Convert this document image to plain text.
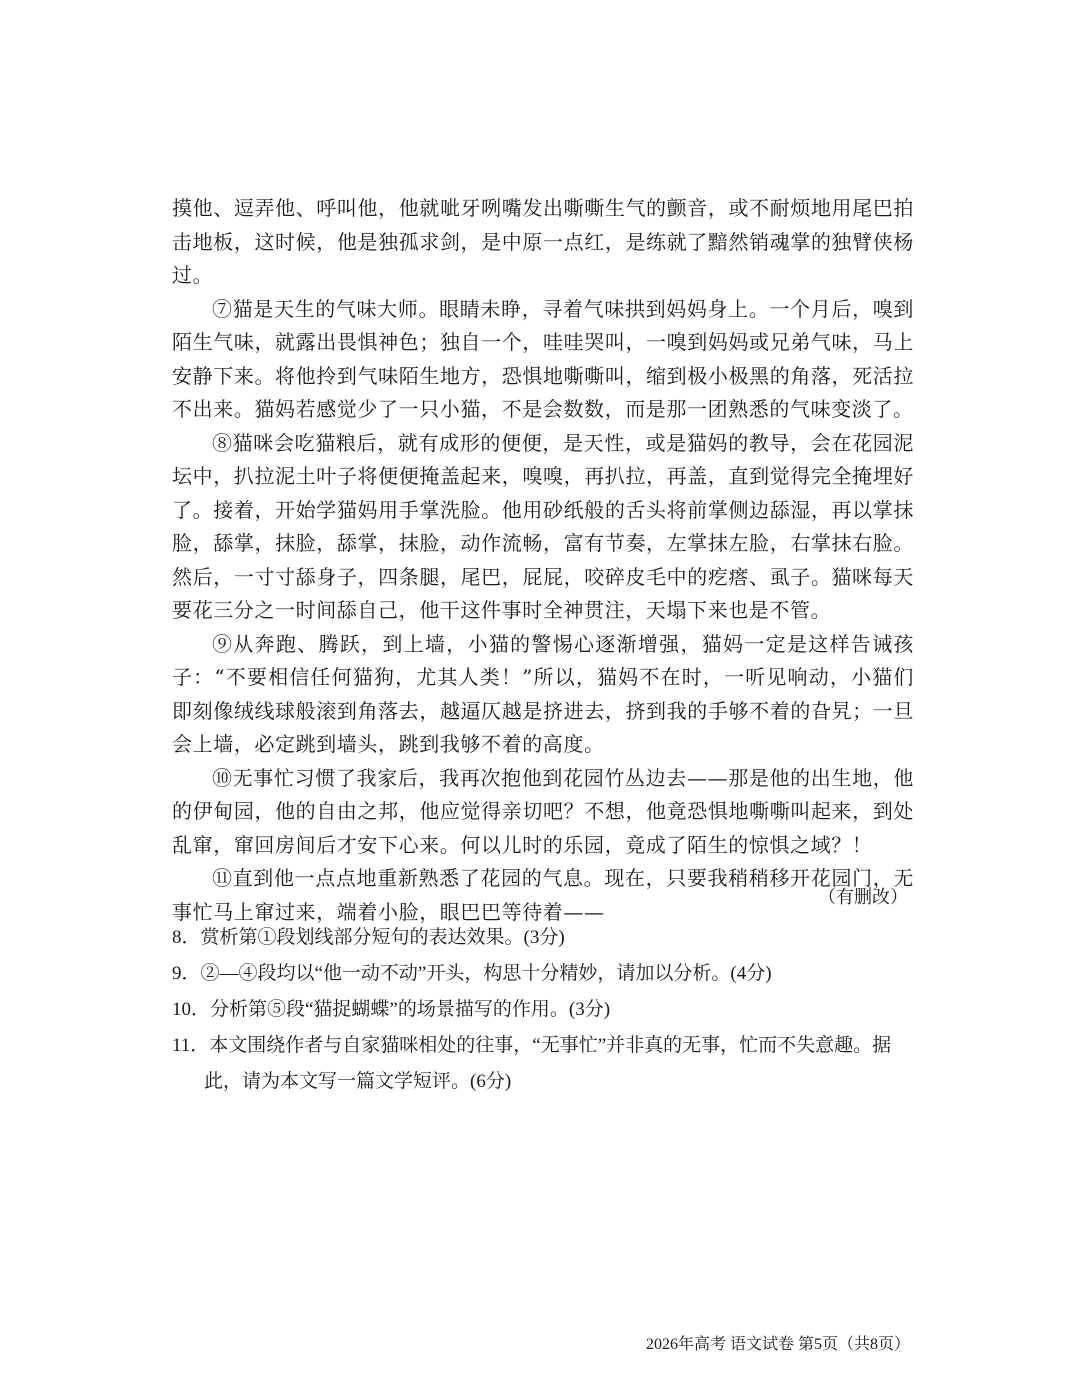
摸他、逗弄他、呼叫他，他就呲牙咧嘴发出嘶嘶生气的颤音，或不耐烦地用尾巴拍击地板，这时候，他是独孤求剑，是中原一点红，是练就了黯然销魂掌的独臂侠杨过。

⑦猫是天生的气味大师。眼睛未睁，寻着气味拱到妈妈身上。一个月后，嗅到陌生气味，就露出畏惧神色；独自一个，哇哇哭叫，一嗅到妈妈或兄弟气味，马上安静下来。将他拎到气味陌生地方，恐惧地嘶嘶叫，缩到极小极黑的角落，死活拉不出来。猫妈若感觉少了一只小猫，不是会数数，而是那一团熟悉的气味变淡了。

⑧猫咪会吃猫粮后，就有成形的便便，是天性，或是猫妈的教导，会在花园泥坛中，扒拉泥土叶子将便便掩盖起来，嗅嗅，再扒拉，再盖，直到觉得完全掩埋好了。接着，开始学猫妈用手掌洗脸。他用砂纸般的舌头将前掌侧边舔湿，再以掌抹脸，舔掌，抹脸，舔掌，抹脸，动作流畅，富有节奏，左掌抹左脸，右掌抹右脸。然后，一寸寸舔身子，四条腿，尾巴，屁屁，咬碎皮毛中的疙瘩、虱子。猫咪每天要花三分之一时间舔自己，他干这件事时全神贯注，天塌下来也是不管。

⑨从奔跑、腾跃，到上墙，小猫的警惕心逐渐增强，猫妈一定是这样告诫孩子：“不要相信任何猫狗，尤其人类！”所以，猫妈不在时，一听见响动，小猫们即刻像绒线球般滚到角落去，越逼仄越是挤进去，挤到我的手够不着的旮旯；一旦会上墙，必定跳到墙头，跳到我够不着的高度。

⑩无事忙习惯了我家后，我再次抱他到花园竹丛边去——那是他的出生地，他的伊甸园，他的自由之邦，他应觉得亲切吧？不想，他竟恐惧地嘶嘶叫起来，到处乱窜，窜回房间后才安下心来。何以儿时的乐园，竟成了陌生的惊惧之域？！

⑪直到他一点点地重新熟悉了花园的气息。现在，只要我稍稍移开花园门，无事忙马上窜过来，端着小脸，眼巴巴等待着——

（有删改）

8．赏析第①段划线部分短句的表达效果。(3分)

9．②—④段均以“他一动不动”开头，构思十分精妙，请加以分析。(4分)

10．分析第⑤段“猫捉蝴蝶”的场景描写的作用。(3分)

11．本文围绕作者与自家猫咪相处的往事，“无事忙”并非真的无事，忙而不失意趣。据此，请为本文写一篇文学短评。(6分)

2026年高考 语文试卷 第5页（共8页）
